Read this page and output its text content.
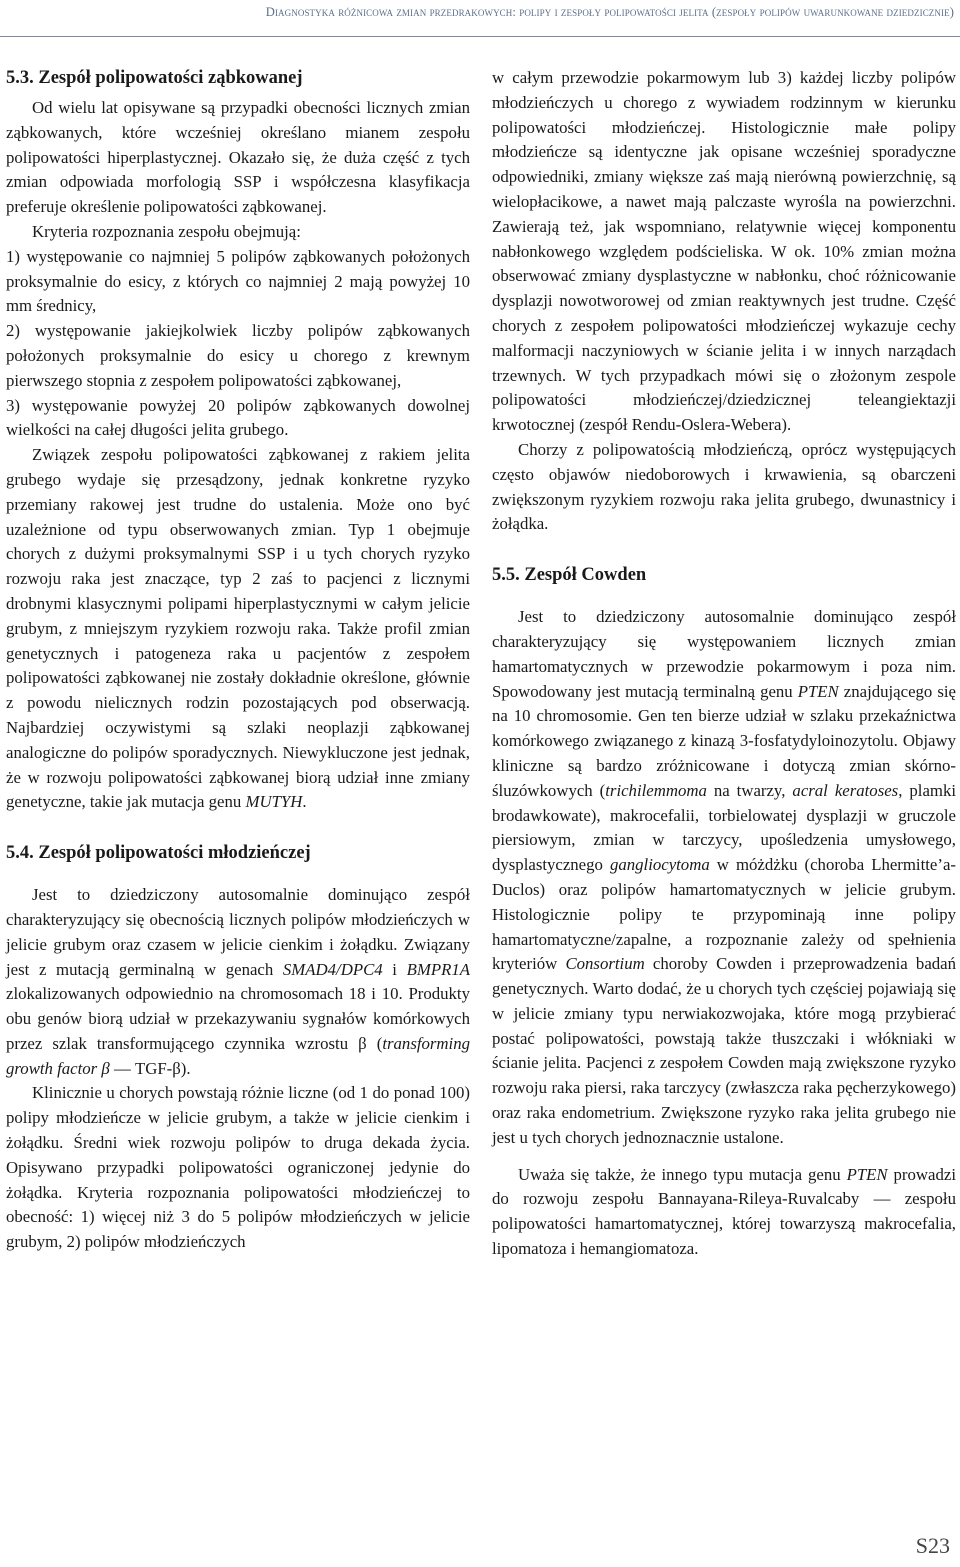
Diagnostyka różnicowa zmian przedrakowych: polipy i zespoły polipowatości jelita (zespoły polipów uwarunkowane dziedzicznie)
5.3. Zespół polipowatości ząbkowanej

Od wielu lat opisywane są przypadki obecności licznych zmian ząbkowanych, które wcześniej określano mianem zespołu polipowatości hiperplastycznej. Okazało się, że duża część z tych zmian odpowiada morfologią SSP i współczesna klasyfikacja preferuje określenie polipowatości ząbkowanej.

Kryteria rozpoznania zespołu obejmują:

1) występowanie co najmniej 5 polipów ząbkowanych położonych proksymalnie do esicy, z których co najmniej 2 mają powyżej 10 mm średnicy,
2) występowanie jakiejkolwiek liczby polipów ząbkowanych położonych proksymalnie do esicy u chorego z krewnym pierwszego stopnia z zespołem polipowatości ząbkowanej,
3) występowanie powyżej 20 polipów ząbkowanych dowolnej wielkości na całej długości jelita grubego.

Związek zespołu polipowatości ząbkowanej z rakiem jelita grubego wydaje się przesądzony, jednak konkretne ryzyko przemiany rakowej jest trudne do ustalenia. Może ono być uzależnione od typu obserwowanych zmian. Typ 1 obejmuje chorych z dużymi proksymalnymi SSP i u tych chorych ryzyko rozwoju raka jest znaczące, typ 2 zaś to pacjenci z licznymi drobnymi klasycznymi polipami hiperplastycznymi w całym jelicie grubym, z mniejszym ryzykiem rozwoju raka. Także profil zmian genetycznych i patogeneza raka u pacjentów z zespołem polipowatości ząbkowanej nie zostały dokładnie określone, głównie z powodu nielicznych rodzin pozostających pod obserwacją. Najbardziej oczywistymi są szlaki neoplazji ząbkowanej analogiczne do polipów sporadycznych. Niewykluczone jest jednak, że w rozwoju polipowatości ząbkowanej biorą udział inne zmiany genetyczne, takie jak mutacja genu MUTYH.

5.4. Zespół polipowatości młodzieńczej

Jest to dziedziczony autosomalnie dominująco zespół charakteryzujący się obecnością licznych polipów młodzieńczych w jelicie grubym oraz czasem w jelicie cienkim i żołądku. Związany jest z mutacją germinalną w genach SMAD4/DPC4 i BMPR1A zlokalizowanych odpowiednio na chromosomach 18 i 10. Produkty obu genów biorą udział w przekazywaniu sygnałów komórkowych przez szlak transformującego czynnika wzrostu β (transforming growth factor β — TGF-β).

Klinicznie u chorych powstają różnie liczne (od 1 do ponad 100) polipy młodzieńcze w jelicie grubym, a także w jelicie cienkim i żołądku. Średni wiek rozwoju polipów to druga dekada życia. Opisywano przypadki polipowatości ograniczonej jedynie do żołądka. Kryteria rozpoznania polipowatości młodzieńczej to obecność: 1) więcej niż 3 do 5 polipów młodzieńczych w jelicie grubym, 2) polipów młodzieńczych

w całym przewodzie pokarmowym lub 3) każdej liczby polipów młodzieńczych u chorego z wywiadem rodzinnym w kierunku polipowatości młodzieńczej. Histologicznie małe polipy młodzieńcze są identyczne jak opisane wcześniej sporadyczne odpowiedniki, zmiany większe zaś mają nierówną powierzchnię, są wielopłacikowe, a nawet mają palczaste wyrośla na powierzchni. Zawierają też, jak wspomniano, relatywnie więcej komponentu nabłonkowego względem podścieliska. W ok. 10% zmian można obserwować zmiany dysplastyczne w nabłonku, choć różnicowanie dysplazji nowotworowej od zmian reaktywnych jest trudne. Część chorych z zespołem polipowatości młodzieńczej wykazuje cechy malformacji naczyniowych w ścianie jelita i w innych narządach trzewnych. W tych przypadkach mówi się o złożonym zespole polipowatości młodzieńczej/dziedzicznej teleangiektazji krwotocznej (zespół Rendu-Oslera-Webera).

Chorzy z polipowatością młodzieńczą, oprócz występujących często objawów niedoborowych i krwawienia, są obarczeni zwiększonym ryzykiem rozwoju raka jelita grubego, dwunastnicy i żołądka.

5.5. Zespół Cowden

Jest to dziedziczony autosomalnie dominująco zespół charakteryzujący się występowaniem licznych zmian hamartomatycznych w przewodzie pokarmowym i poza nim. Spowodowany jest mutacją terminalną genu PTEN znajdującego się na 10 chromosomie. Gen ten bierze udział w szlaku przekaźnictwa komórkowego związanego z kinazą 3-fosfatydyloinozytolu. Objawy kliniczne są bardzo zróżnicowane i dotyczą zmian skórno-śluzówkowych (trichilemmoma na twarzy, acral keratoses, plamki brodawkowate), makrocefalii, torbielowatej dysplazji w gruczole piersiowym, zmian w tarczycy, upośledzenia umysłowego, dysplastycznego gangliocytoma w móżdżku (choroba Lhermitte’a-Duclos) oraz polipów hamartomatycznych w jelicie grubym. Histologicznie polipy te przypominają inne polipy hamartomatyczne/zapalne, a rozpoznanie zależy od spełnienia kryteriów Consortium choroby Cowden i przeprowadzenia badań genetycznych. Warto dodać, że u chorych tych częściej pojawiają się w jelicie zmiany typu nerwiakozwojaka, które mogą przybierać postać polipowatości, powstają także tłuszczaki i włókniaki w ścianie jelita. Pacjenci z zespołem Cowden mają zwiększone ryzyko rozwoju raka piersi, raka tarczycy (zwłaszcza raka pęcherzykowego) oraz raka endometrium. Zwiększone ryzyko raka jelita grubego nie jest u tych chorych jednoznacznie ustalone.

Uważa się także, że innego typu mutacja genu PTEN prowadzi do rozwoju zespołu Bannayana-Rileya-Ruvalcaby — zespołu polipowatości hamartomatycznej, której towarzyszą makrocefalia, lipomatoza i hemangiomatoza.

S23
